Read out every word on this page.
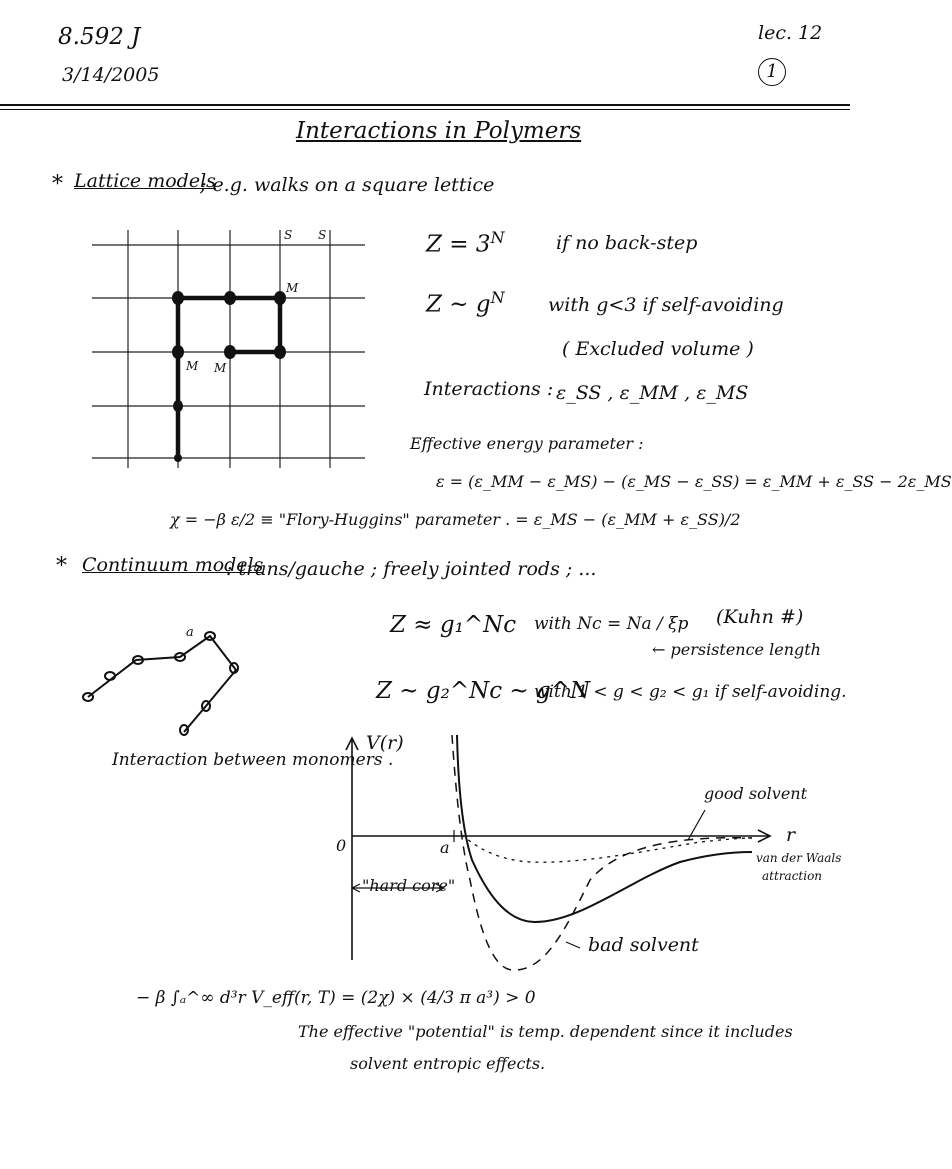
8.592 J
3/14/2005
lec. 12
1
Interactions in Polymers
* Lattice models
; e.g. walks on a square lettice
S S
M
M M
$Z = 3^N$	if no back-step
Z ~ $g^N$ with g<3 if self-avoiding
( Excluded volume )
Interactions : ε_SS , ε_MM , ε_MS
Effective energy parameter :
ε = (ε_MM − ε_MS) − (ε_MS − ε_SS) = ε_MM + ε_SS − 2ε_MS
χ = −β ε/2 ≡ "Flory-Huggins" parameter . = ε_MS − (ε_MM + ε_SS)/2
* Continuum models
: trans/gauche ; freely jointed rods ; ...
Z ≈ g₁^Nc with Nc = Na / ξp (Kuhn #)
← persistence length
Z ~ g₂^Nc ~ g^N
with 1 < g < g₂ < g₁ if self-avoiding.
a
Interaction between monomers .
V(r)
r
0	a
"hard core"
good solvent
bad solvent
van der Waals
attraction
− β ∫ₐ^∞ d³r V_eff(r, T) = (2χ) × (4/3 π a³) > 0
The effective "potential" is temp. dependent since it includes
solvent entropic effects.
